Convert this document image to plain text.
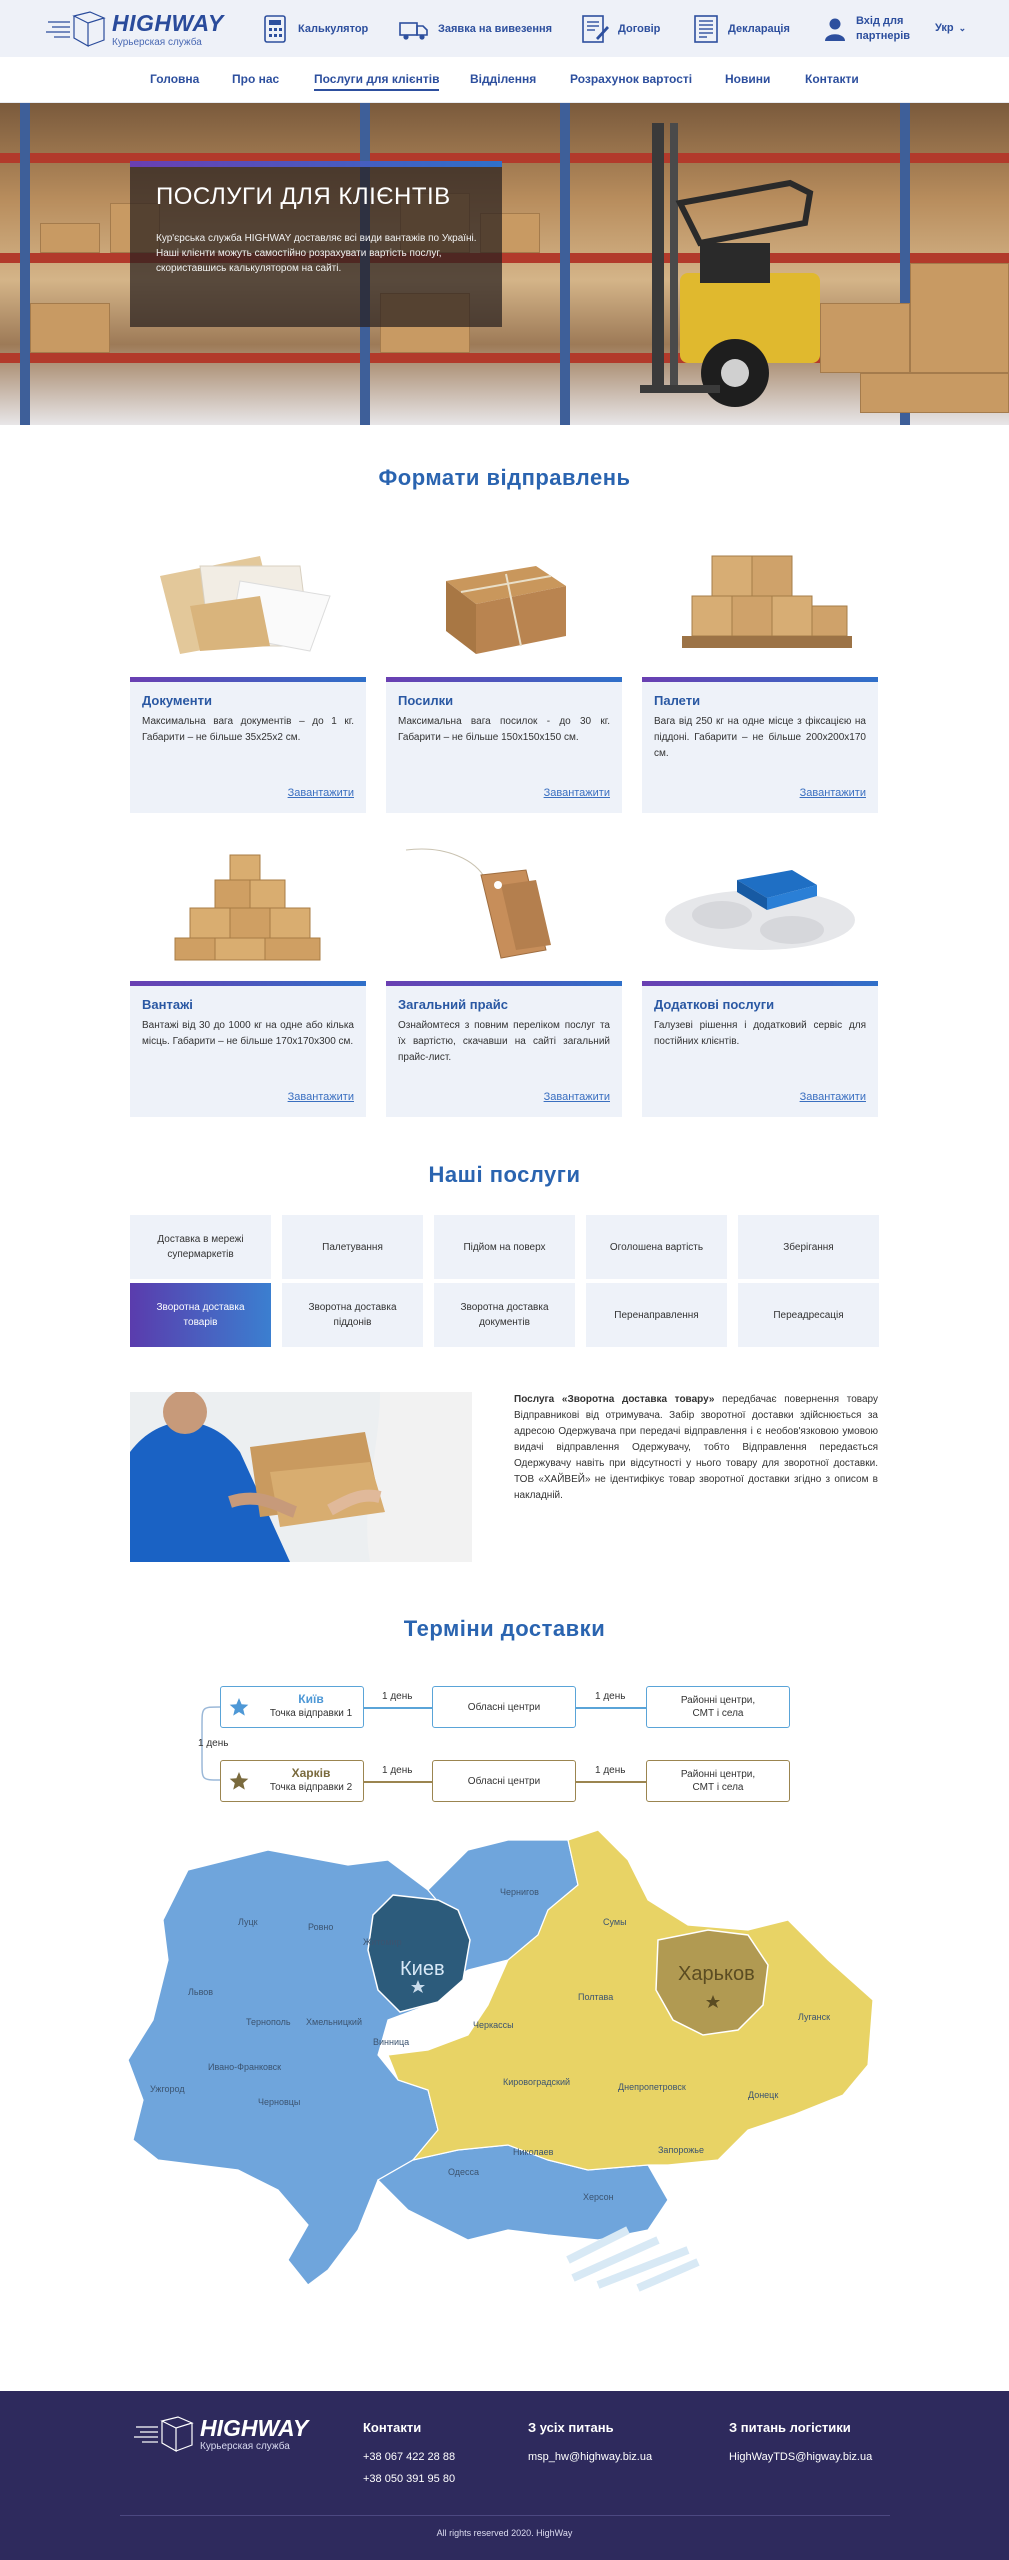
HIGHWAY
Курьерская служба
Калькулятор	Заявка на вивезення	Договір	Декларація
Вхід для
партнерів
Укр ⌄
Головна	Про нас	Послуги для клієнтів	Відділення	Розрахунок вартості	Новини	Контакти
ПОСЛУГИ ДЛЯ КЛІЄНТІВ
Кур'єрська служба HIGHWAY доставляє всі види вантажів по Україні. Наші клієнти можуть самостійно розрахувати вартість послуг, скориставшись калькулятором на сайті.
Формати відправлень
Документи
Максимальна вага документів – до 1 кг. Габарити – не більше 35х25х2 см.
Завантажити
Посилки
Максимальна вага посилок - до 30 кг. Габарити – не більше 150х150х150 см.
Завантажити
Палети
Вага від 250 кг на одне місце з фіксацією на піддоні. Габарити – не більше 200х200х170 см.
Завантажити
Вантажі
Вантажі від 30 до 1000 кг на одне або кілька місць. Габарити – не більше 170х170х300 см.
Завантажити
Загальний прайс
Ознайомтеся з повним переліком послуг та їх вартістю, скачавши на сайті загальний прайс-лист.
Завантажити
Додаткові послуги
Галузеві рішення і додатковий сервіс для постійних клієнтів.
Завантажити
Наші послуги
Доставка в мережі супермаркетів
Палетування	Підйом на поверх	Оголошена вартість	Зберігання
Зворотна доставка товарів
Зворотна доставка піддонів
Зворотна доставка документів
Перенаправлення	Переадресація
Послуга «Зворотна доставка товару» передбачає повернення товару Відправникові від отримувача. Забір зворотної доставки здійснюється за адресою Одержувача при передачі відправлення і є необов'язковою умовою видачі відправлення Одержувачу, тобто Відправлення передається Одержувачу навіть при відсутності у нього товару для зворотної доставки. ТОВ «ХАЙВЕЙ» не ідентифікує товар зворотної доставки згідно з описом в накладній.
Терміни доставки
Київ
Точка відправки 1
1 день
Обласні центри
1 день	Районні центри,
СМТ і села
1 день
Харків
Точка відправки 2
1 день
Обласні центри
1 день	Районні центри,
СМТ і села
Луцк	Ровно
Житомир
Чернигов
Сумы
Львов
Тернополь Хмельницкий
Винница
Черкассы
Полтава
Луганск
Ивано-Франковск
Ужгород
Черновцы
Кировоградский	Днепропетровск
Донецк
Одесса
Николаев	Запорожье
Херсон
Киев	Харьков
HIGHWAY
Курьерская служба
Контакти
+38 067 422 28 88
+38 050 391 95 80
З усіх питань
msp_hw@highway.biz.ua
З питань логістики
HighWayTDS@higway.biz.ua
All rights reserved 2020. HighWay
